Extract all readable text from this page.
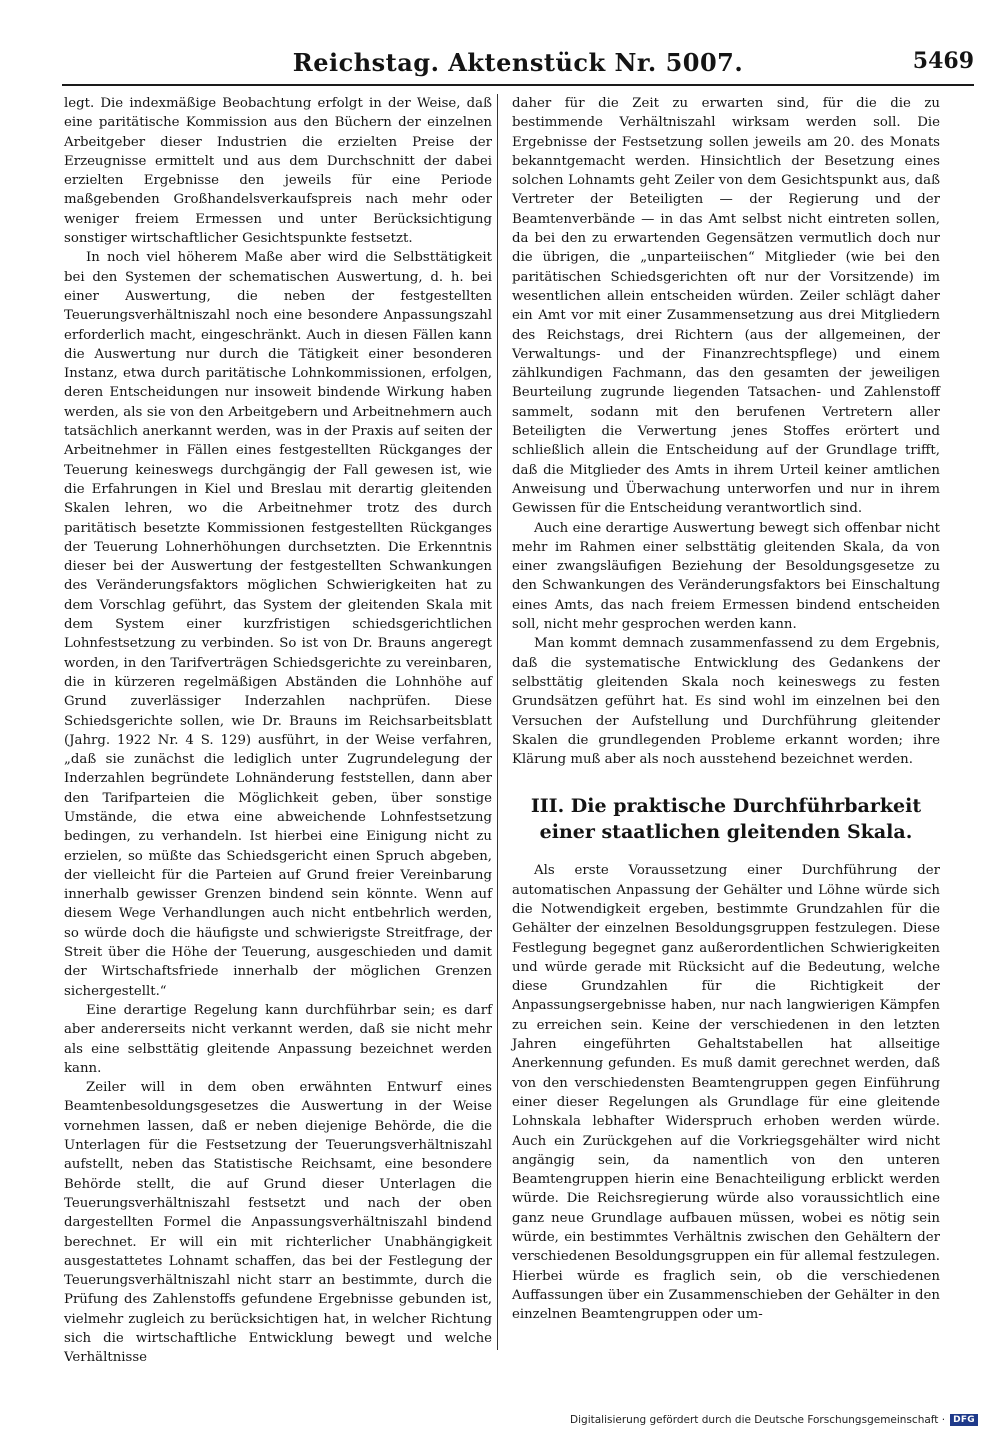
Reichstag. Aktenstück Nr. 5007.	5469

legt. Die indexmäßige Beobachtung erfolgt in der Weise, daß eine paritätische Kommission aus den Büchern der einzelnen Arbeitgeber dieser Industrien die erzielten Preise der Erzeugnisse ermittelt und aus dem Durchschnitt der dabei erzielten Ergebnisse den jeweils für eine Periode maßgebenden Großhandelsverkaufspreis nach mehr oder weniger freiem Ermessen und unter Berücksichtigung sonstiger wirtschaftlicher Gesichtspunkte festsetzt.

In noch viel höherem Maße aber wird die Selbsttätigkeit bei den Systemen der schematischen Auswertung, d. h. bei einer Auswertung, die neben der festgestellten Teuerungsverhältniszahl noch eine besondere Anpassungszahl erforderlich macht, eingeschränkt. Auch in diesen Fällen kann die Auswertung nur durch die Tätigkeit einer besonderen Instanz, etwa durch paritätische Lohnkommissionen, erfolgen, deren Entscheidungen nur insoweit bindende Wirkung haben werden, als sie von den Arbeitgebern und Arbeitnehmern auch tatsächlich anerkannt werden, was in der Praxis auf seiten der Arbeitnehmer in Fällen eines festgestellten Rückganges der Teuerung keineswegs durchgängig der Fall gewesen ist, wie die Erfahrungen in Kiel und Breslau mit derartig gleitenden Skalen lehren, wo die Arbeitnehmer trotz des durch paritätisch besetzte Kommissionen festgestellten Rückganges der Teuerung Lohnerhöhungen durchsetzten. Die Erkenntnis dieser bei der Auswertung der festgestellten Schwankungen des Veränderungsfaktors möglichen Schwierigkeiten hat zu dem Vorschlag geführt, das System der gleitenden Skala mit dem System einer kurzfristigen schiedsgerichtlichen Lohnfestsetzung zu verbinden. So ist von Dr. Brauns angeregt worden, in den Tarifverträgen Schiedsgerichte zu vereinbaren, die in kürzeren regelmäßigen Abständen die Lohnhöhe auf Grund zuverlässiger Inderzahlen nachprüfen. Diese Schiedsgerichte sollen, wie Dr. Brauns im Reichsarbeitsblatt (Jahrg. 1922 Nr. 4 S. 129) ausführt, in der Weise verfahren, „daß sie zunächst die lediglich unter Zugrundelegung der Inderzahlen begründete Lohnänderung feststellen, dann aber den Tarifparteien die Möglichkeit geben, über sonstige Umstände, die etwa eine abweichende Lohnfestsetzung bedingen, zu verhandeln. Ist hierbei eine Einigung nicht zu erzielen, so müßte das Schiedsgericht einen Spruch abgeben, der vielleicht für die Parteien auf Grund freier Vereinbarung innerhalb gewisser Grenzen bindend sein könnte. Wenn auf diesem Wege Verhandlungen auch nicht entbehrlich werden, so würde doch die häufigste und schwierigste Streitfrage, der Streit über die Höhe der Teuerung, ausgeschieden und damit der Wirtschaftsfriede innerhalb der möglichen Grenzen sichergestellt.“

Eine derartige Regelung kann durchführbar sein; es darf aber andererseits nicht verkannt werden, daß sie nicht mehr als eine selbsttätig gleitende Anpassung bezeichnet werden kann.

Zeiler will in dem oben erwähnten Entwurf eines Beamtenbesoldungsgesetzes die Auswertung in der Weise vornehmen lassen, daß er neben diejenige Behörde, die die Unterlagen für die Festsetzung der Teuerungsverhältniszahl aufstellt, neben das Statistische Reichsamt, eine besondere Behörde stellt, die auf Grund dieser Unterlagen die Teuerungsverhältniszahl festsetzt und nach der oben dargestellten Formel die Anpassungsverhältniszahl bindend berechnet. Er will ein mit richterlicher Unabhängigkeit ausgestattetes Lohnamt schaffen, das bei der Festlegung der Teuerungsverhältniszahl nicht starr an bestimmte, durch die Prüfung des Zahlenstoffs gefundene Ergebnisse gebunden ist, vielmehr zugleich zu berücksichtigen hat, in welcher Richtung sich die wirtschaftliche Entwicklung bewegt und welche Verhältnisse

daher für die Zeit zu erwarten sind, für die die zu bestimmende Verhältniszahl wirksam werden soll. Die Ergebnisse der Festsetzung sollen jeweils am 20. des Monats bekanntgemacht werden. Hinsichtlich der Besetzung eines solchen Lohnamts geht Zeiler von dem Gesichtspunkt aus, daß Vertreter der Beteiligten — der Regierung und der Beamtenverbände — in das Amt selbst nicht eintreten sollen, da bei den zu erwartenden Gegensätzen vermutlich doch nur die übrigen, die „unparteiischen“ Mitglieder (wie bei den paritätischen Schiedsgerichten oft nur der Vorsitzende) im wesentlichen allein entscheiden würden. Zeiler schlägt daher ein Amt vor mit einer Zusammensetzung aus drei Mitgliedern des Reichstags, drei Richtern (aus der allgemeinen, der Verwaltungs- und der Finanzrechtspflege) und einem zählkundigen Fachmann, das den gesamten der jeweiligen Beurteilung zugrunde liegenden Tatsachen- und Zahlenstoff sammelt, sodann mit den berufenen Vertretern aller Beteiligten die Verwertung jenes Stoffes erörtert und schließlich allein die Entscheidung auf der Grundlage trifft, daß die Mitglieder des Amts in ihrem Urteil keiner amtlichen Anweisung und Überwachung unterworfen und nur in ihrem Gewissen für die Entscheidung verantwortlich sind.

Auch eine derartige Auswertung bewegt sich offenbar nicht mehr im Rahmen einer selbsttätig gleitenden Skala, da von einer zwangsläufigen Beziehung der Besoldungsgesetze zu den Schwankungen des Veränderungsfaktors bei Einschaltung eines Amts, das nach freiem Ermessen bindend entscheiden soll, nicht mehr gesprochen werden kann.

Man kommt demnach zusammenfassend zu dem Ergebnis, daß die systematische Entwicklung des Gedankens der selbsttätig gleitenden Skala noch keineswegs zu festen Grundsätzen geführt hat. Es sind wohl im einzelnen bei den Versuchen der Aufstellung und Durchführung gleitender Skalen die grundlegenden Probleme erkannt worden; ihre Klärung muß aber als noch ausstehend bezeichnet werden.

III. Die praktische Durchführbarkeit einer staatlichen gleitenden Skala.

Als erste Voraussetzung einer Durchführung der automatischen Anpassung der Gehälter und Löhne würde sich die Notwendigkeit ergeben, bestimmte Grundzahlen für die Gehälter der einzelnen Besoldungsgruppen festzulegen. Diese Festlegung begegnet ganz außerordentlichen Schwierigkeiten und würde gerade mit Rücksicht auf die Bedeutung, welche diese Grundzahlen für die Richtigkeit der Anpassungsergebnisse haben, nur nach langwierigen Kämpfen zu erreichen sein. Keine der verschiedenen in den letzten Jahren eingeführten Gehaltstabellen hat allseitige Anerkennung gefunden. Es muß damit gerechnet werden, daß von den verschiedensten Beamtengruppen gegen Einführung einer dieser Regelungen als Grundlage für eine gleitende Lohnskala lebhafter Widerspruch erhoben werden würde. Auch ein Zurückgehen auf die Vorkriegsgehälter wird nicht angängig sein, da namentlich von den unteren Beamtengruppen hierin eine Benachteiligung erblickt werden würde. Die Reichsregierung würde also voraussichtlich eine ganz neue Grundlage aufbauen müssen, wobei es nötig sein würde, ein bestimmtes Verhältnis zwischen den Gehältern der verschiedenen Besoldungsgruppen ein für allemal festzulegen. Hierbei würde es fraglich sein, ob die verschiedenen Auffassungen über ein Zusammenschieben der Gehälter in den einzelnen Beamtengruppen oder um-

Digitalisierung gefördert durch die Deutsche Forschungsgemeinschaft · DFG
